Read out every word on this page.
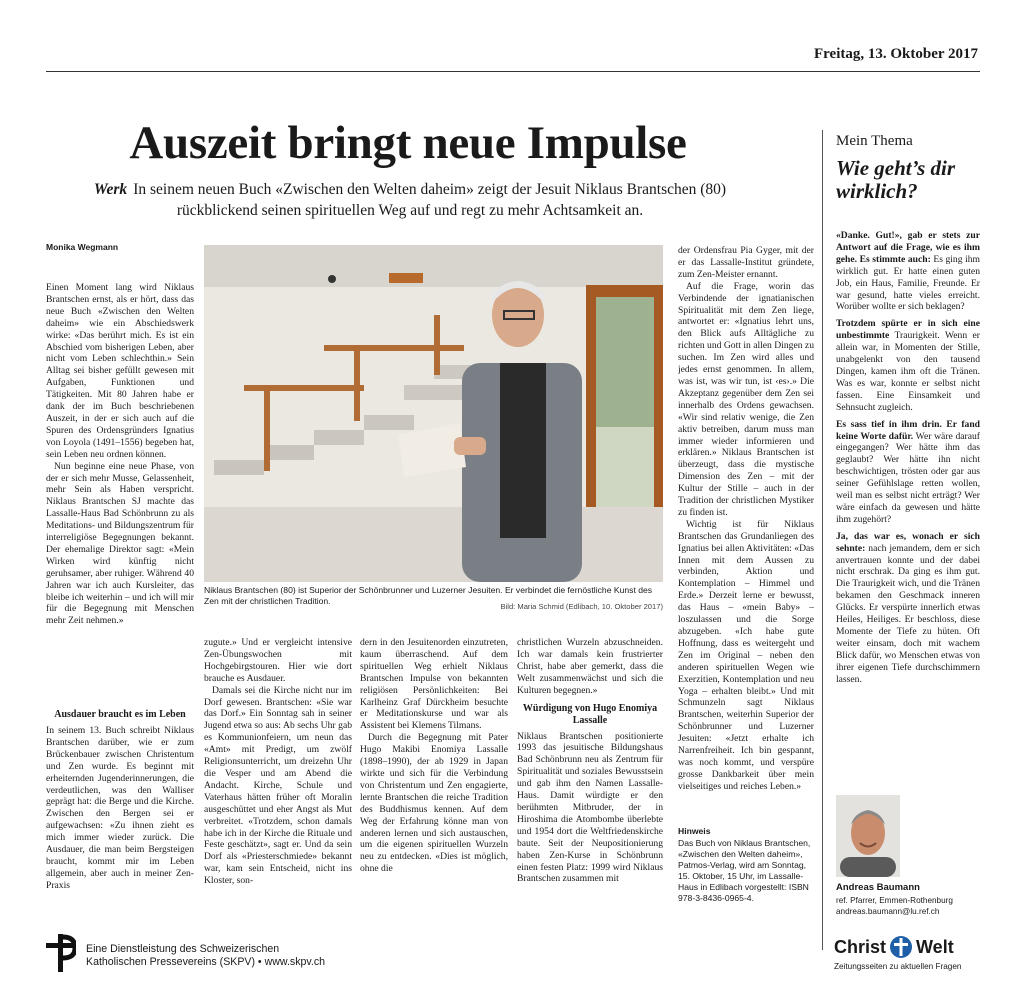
Freitag, 13. Oktober 2017
Auszeit bringt neue Impulse
Werk In seinem neuen Buch «Zwischen den Welten daheim» zeigt der Jesuit Niklaus Brantschen (80) rückblickend seinen spirituellen Weg auf und regt zu mehr Achtsamkeit an.
Monika Wegmann

Einen Moment lang wird Niklaus Brantschen ernst, als er hört, dass das neue Buch «Zwischen den Welten daheim» wie ein Abschiedswerk wirke: «Das berührt mich. Es ist ein Abschied vom bisherigen Leben, aber nicht vom Leben schlechthin.» Sein Alltag sei bisher gefüllt gewesen mit Aufgaben, Funktionen und Tätigkeiten. Mit 80 Jahren habe er dank der im Buch beschriebenen Auszeit, in der er sich auch auf die Spuren des Ordensgründers Ignatius von Loyola (1491–1556) begeben hat, sein Leben neu ordnen können.

Nun beginne eine neue Phase, von der er sich mehr Musse, Gelassenheit, mehr Sein als Haben verspricht. Niklaus Brantschen SJ machte das Lassalle-Haus Bad Schönbrunn zu als Meditations- und Bildungszentrum für interreligiöse Begegnungen bekannt. Der ehemalige Direktor sagt: «Mein Wirken wird künftig nicht geruhsamer, aber ruhiger. Während 40 Jahren war ich auch Kursleiter, das bleibe ich weiterhin – und ich will mir für die Begegnung mit Menschen mehr Zeit nehmen.»

Ausdauer braucht es im Leben

In seinem 13. Buch schreibt Niklaus Brantschen darüber, wie er zum Brückenbauer zwischen Christentum und Zen wurde. Es beginnt mit erheiternden Jugenderinnerungen, die verdeutlichen, was den Walliser geprägt hat: die Berge und die Kirche. Zwischen den Bergen sei er aufgewachsen: «Zu ihnen zieht es mich immer wieder zurück. Die Ausdauer, die man beim Bergsteigen braucht, kommt mir im Leben allgemein, aber auch in meiner Zen-Praxis

Niklaus Brantschen (80) ist Superior der Schönbrunner und Luzerner Jesuiten. Er verbindet die fernöstliche Kunst des Zen mit der christlichen Tradition.
Bild: Maria Schmid (Edlibach, 10. Oktober 2017)

zugute.» Und er vergleicht intensive Zen-Übungswochen mit Hochgebirgstouren. Hier wie dort brauche es Ausdauer.

Damals sei die Kirche nicht nur im Dorf gewesen. Brantschen: «Sie war das Dorf.» Ein Sonntag sah in seiner Jugend etwa so aus: Ab sechs Uhr gab es Kommunionfeiern, um neun das «Amt» mit Predigt, um zwölf Religionsunterricht, um dreizehn Uhr die Vesper und am Abend die Andacht. Kirche, Schule und Vaterhaus hätten früher oft Moralin ausgeschüttet und eher Angst als Mut verbreitet. «Trotzdem, schon damals habe ich in der Kirche die Rituale und Feste geschätzt», sagt er. Und da sein Dorf als «Priesterschmiede» bekannt war, kam sein Entscheid, nicht ins Kloster, son-

dern in den Jesuitenorden einzutreten, kaum überraschend. Auf dem spirituellen Weg erhielt Niklaus Brantschen Impulse von bekannten religiösen Persönlichkeiten: Bei Karlheinz Graf Dürckheim besuchte er Meditationskurse und war als Assistent bei Klemens Tilmans.

Durch die Begegnung mit Pater Hugo Makibi Enomiya Lassalle (1898–1990), der ab 1929 in Japan wirkte und sich für die Verbindung von Christentum und Zen engagierte, lernte Brantschen die reiche Tradition des Buddhismus kennen. Auf dem Weg der Erfahrung könne man von anderen lernen und sich austauschen, um die eigenen spirituellen Wurzeln neu zu entdecken. «Dies ist möglich, ohne die

christlichen Wurzeln abzuschneiden. Ich war damals kein frustrierter Christ, habe aber gemerkt, dass die Welt zusammenwächst und sich die Kulturen begegnen.»

Würdigung von Hugo Enomiya Lassalle

Niklaus Brantschen positionierte 1993 das jesuitische Bildungshaus Bad Schönbrunn neu als Zentrum für Spiritualität und soziales Bewusstsein und gab ihm den Namen Lassalle-Haus. Damit würdigte er den berühmten Mitbruder, der in Hiroshima die Atombombe überlebte und 1954 dort die Weltfriedenskirche baute. Seit der Neupositionierung haben Zen-Kurse in Schönbrunn einen festen Platz: 1999 wird Niklaus Brantschen zusammen mit

der Ordensfrau Pia Gyger, mit der er das Lassalle-Institut gründete, zum Zen-Meister ernannt.

Auf die Frage, worin das Verbindende der ignatianischen Spiritualität mit dem Zen liege, antwortet er: «Ignatius lehrt uns, den Blick aufs Alltägliche zu richten und Gott in allen Dingen zu suchen. Im Zen wird alles und jedes ernst genommen. In allem, was ist, was wir tun, ist ‹es›.» Die Akzeptanz gegenüber dem Zen sei innerhalb des Ordens gewachsen. «Wir sind relativ wenige, die Zen aktiv betreiben, darum muss man immer wieder informieren und erklären.» Niklaus Brantschen ist überzeugt, dass die mystische Dimension des Zen – mit der Kultur der Stille – auch in der Tradition der christlichen Mystiker zu finden ist.

Wichtig ist für Niklaus Brantschen das Grundanliegen des Ignatius bei allen Aktivitäten: «Das Innen mit dem Aussen zu verbinden, Aktion und Kontemplation – Himmel und Erde.» Derzeit lerne er bewusst, das Haus – «mein Baby» – loszulassen und die Sorge abzugeben. «Ich habe gute Hoffnung, dass es weitergeht und Zen im Original – neben den anderen spirituellen Wegen wie Exerzitien, Kontemplation und neu Yoga – erhalten bleibt.» Und mit Schmunzeln sagt Niklaus Brantschen, weiterhin Superior der Schönbrunner und Luzerner Jesuiten: «Jetzt erhalte ich Narrenfreiheit. Ich bin gespannt, was noch kommt, und verspüre grosse Dankbarkeit über mein vielseitiges und reiches Leben.»

Hinweis
Das Buch von Niklaus Brantschen, «Zwischen den Welten daheim», Patmos-Verlag, wird am Sonntag, 15. Oktober, 15 Uhr, im Lassalle-Haus in Edlibach vorgestellt: ISBN 978-3-8436-0965-4.
Mein Thema
Wie geht’s dir wirklich?

«Danke. Gut!», gab er stets zur Antwort auf die Frage, wie es ihm gehe. Es stimmte auch: Es ging ihm wirklich gut. Er hatte einen guten Job, ein Haus, Familie, Freunde. Er war gesund, hatte vieles erreicht. Worüber wollte er sich beklagen?

Trotzdem spürte er in sich eine unbestimmte Traurigkeit. Wenn er allein war, in Momenten der Stille, unabgelenkt von den tausend Dingen, kamen ihm oft die Tränen. Was es war, konnte er selbst nicht fassen. Eine Einsamkeit und Sehnsucht zugleich.

Es sass tief in ihm drin. Er fand keine Worte dafür. Wer wäre darauf eingegangen? Wer hätte ihm das geglaubt? Wer hätte ihn nicht beschwichtigen, trösten oder gar aus seiner Gefühlslage retten wollen, weil man es selbst nicht erträgt? Wer wäre einfach da gewesen und hätte ihm zugehört?

Ja, das war es, wonach er sich sehnte: nach jemandem, dem er sich anvertrauen konnte und der dabei nicht erschrak. Da ging es ihm gut. Die Traurigkeit wich, und die Tränen bekamen den Geschmack inneren Glücks. Er verspürte innerlich etwas Heiles, Heiliges. Er beschloss, diese Momente der Tiefe zu hüten. Oft weiter einsam, doch mit wachem Blick dafür, wo Menschen etwas von ihrer eigenen Tiefe durchschimmern lassen.

Andreas Baumann
ref. Pfarrer, Emmen-Rothenburg
andreas.baumann@lu.ref.ch
Eine Dienstleistung des Schweizerischen
Katholischen Pressevereins (SKPV) • www.skpv.ch
Christ Welt
Zeitungsseiten zu aktuellen Fragen
